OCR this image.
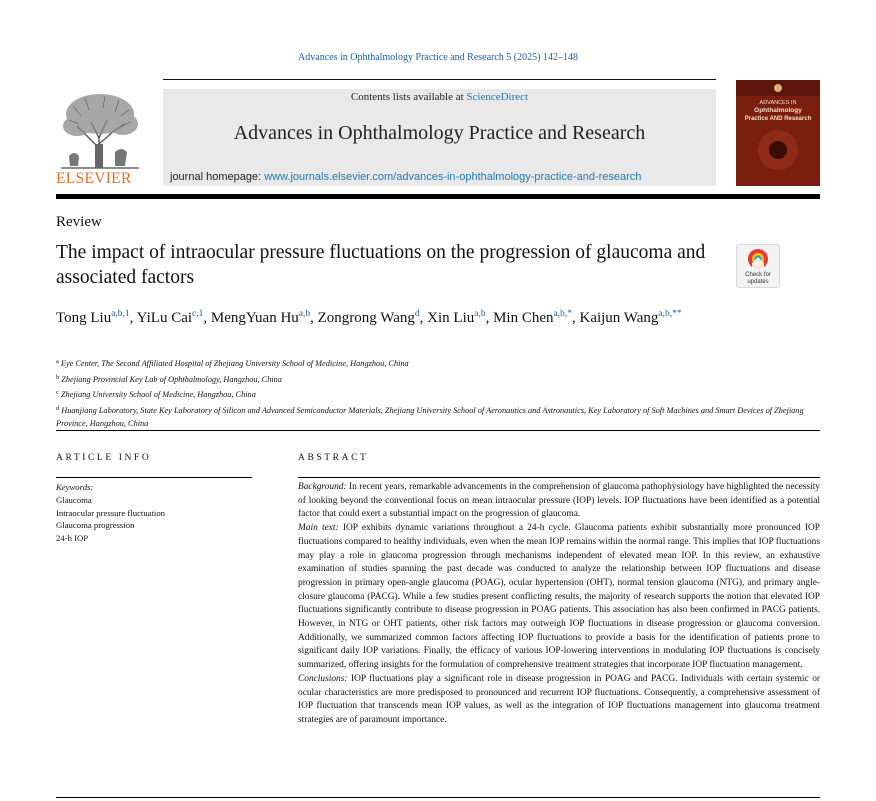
Advances in Ophthalmology Practice and Research 5 (2025) 142–148
ELSEVIER
Contents lists available at ScienceDirect
Advances in Ophthalmology Practice and Research
journal homepage: www.journals.elsevier.com/advances-in-ophthalmology-practice-and-research
ADVANCES IN
Ophthalmology
Practice AND Research
Review
The impact of intraocular pressure fluctuations on the progression of glaucoma and associated factors	Check for
updates
Tong Liu$^{a,b,1}$, YiLu Cai$^{c,1}$, MengYuan Hu$^{a,b}$, Zongrong Wang$^d$, Xin Liu$^{a,b}$, Min Chen$^{a,b,*}$, Kaijun Wang$^{a,b,**}$
$^a$ Eye Center, The Second Affiliated Hospital of Zhejiang University School of Medicine, Hangzhou, China
$^b$ Zhejiang Provincial Key Lab of Ophthalmology, Hangzhou, China
$^c$ Zhejiang University School of Medicine, Hangzhou, China
$^d$ Huanjiang Laboratory, State Key Laboratory of Silicon and Advanced Semiconductor Materials, Zhejiang University School of Aeronautics and Astronautics, Key Laboratory of Soft Machines and Smart Devices of Zhejiang Province, Hangzhou, China
ARTICLE INFO	ABSTRACT
Keywords:
Glaucoma
Intraocular pressure fluctuation
Glaucoma progression
24-h IOP

Background: In recent years, remarkable advancements in the comprehension of glaucoma pathophysiology have highlighted the necessity of looking beyond the conventional focus on mean intraocular pressure (IOP) levels. IOP fluctuations have been identified as a potential factor that could exert a substantial impact on the progression of glaucoma.

Main text: IOP exhibits dynamic variations throughout a 24-h cycle. Glaucoma patients exhibit substantially more pronounced IOP fluctuations compared to healthy individuals, even when the mean IOP remains within the normal range. This implies that IOP fluctuations may play a role in glaucoma progression through mechanisms independent of elevated mean IOP. In this review, an exhaustive examination of studies spanning the past decade was conducted to analyze the relationship between IOP fluctuations and disease progression in primary open-angle glaucoma (POAG), ocular hypertension (OHT), normal tension glaucoma (NTG), and primary angle-closure glaucoma (PACG). While a few studies present conflicting results, the majority of research supports the notion that elevated IOP fluctuations significantly contribute to disease progression in POAG patients. This association has also been confirmed in PACG patients. However, in NTG or OHT patients, other risk factors may outweigh IOP fluctuations in disease progression or glaucoma conversion. Additionally, we summarized common factors affecting IOP fluctuations to provide a basis for the identification of patients prone to significant daily IOP variations. Finally, the efficacy of various IOP-lowering interventions in modulating IOP fluctuations is concisely summarized, offering insights for the formulation of comprehensive treatment strategies that incorporate IOP fluctuation management.

Conclusions: IOP fluctuations play a significant role in disease progression in POAG and PACG. Individuals with certain systemic or ocular characteristics are more predisposed to pronounced and recurrent IOP fluctuations. Consequently, a comprehensive assessment of IOP fluctuation that transcends mean IOP values, as well as the integration of IOP fluctuations management into glaucoma treatment strategies are of paramount importance.
